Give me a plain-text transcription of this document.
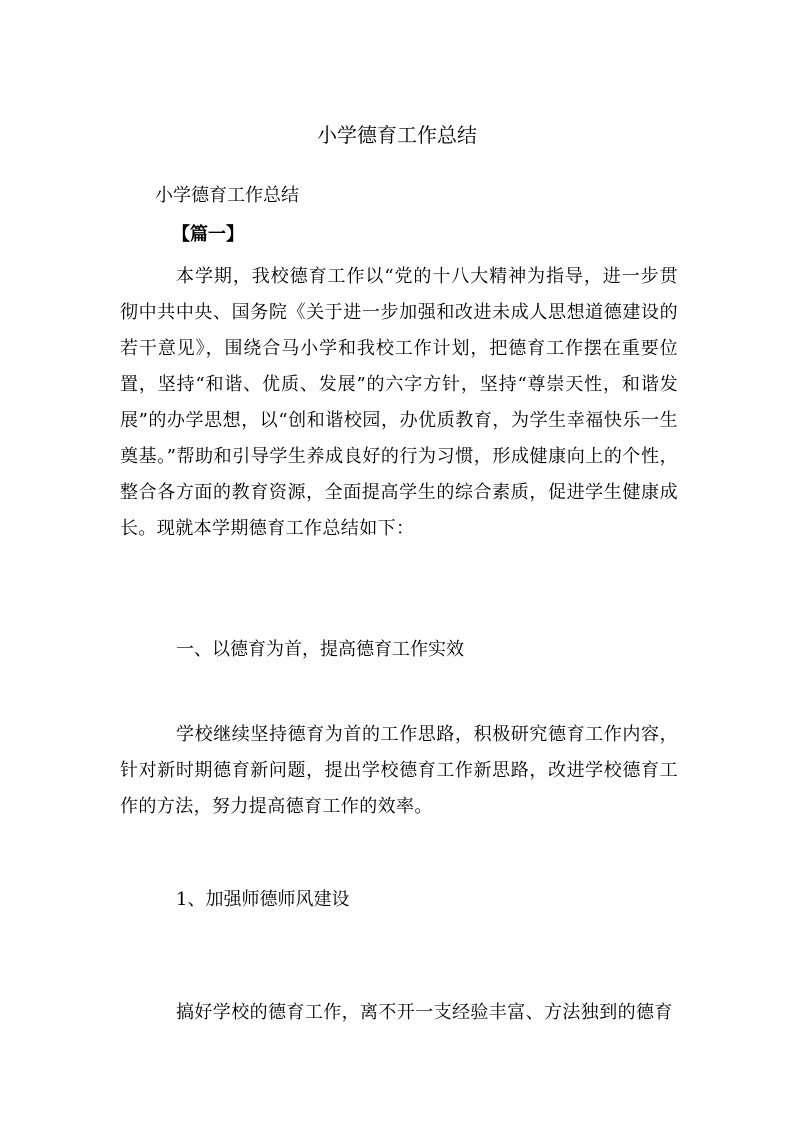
小学德育工作总结

小学德育工作总结

【篇一】

本学期，我校德育工作以“党的十八大精神为指导，进一步贯彻中共中央、国务院《关于进一步加强和改进未成人思想道德建设的若干意见》，围绕合马小学和我校工作计划，把德育工作摆在重要位置，坚持“和谐、优质、发展”的六字方针，坚持“尊崇天性，和谐发展”的办学思想，以“创和谐校园，办优质教育，为学生幸福快乐一生奠基。”帮助和引导学生养成良好的行为习惯，形成健康向上的个性，整合各方面的教育资源，全面提高学生的综合素质，促进学生健康成长。现就本学期德育工作总结如下：

一、以德育为首，提高德育工作实效

学校继续坚持德育为首的工作思路，积极研究德育工作内容，针对新时期德育新问题，提出学校德育工作新思路，改进学校德育工作的方法，努力提高德育工作的效率。

1、加强师德师风建设

搞好学校的德育工作，离不开一支经验丰富、方法独到的德育
